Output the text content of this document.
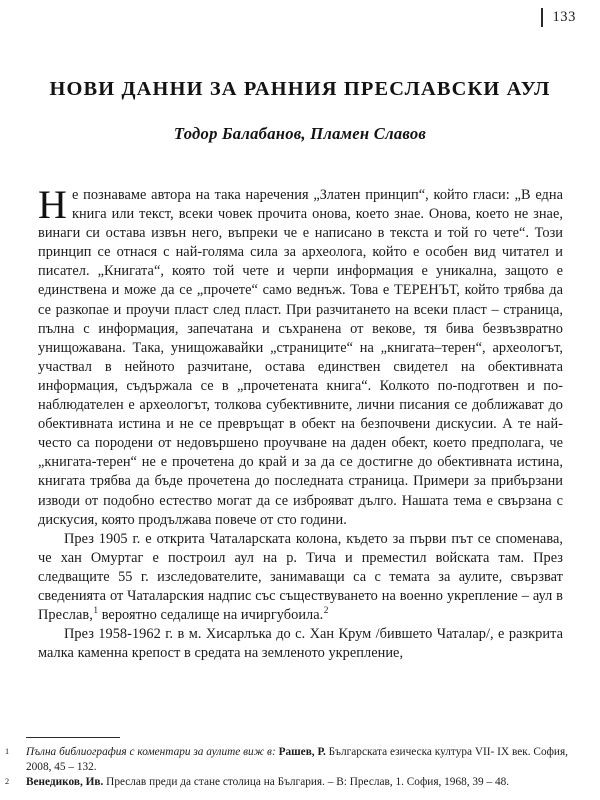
133
НОВИ ДАННИ ЗА РАННИЯ ПРЕСЛАВСКИ АУЛ

Тодор Балабанов, Пламен Славов

Не познаваме автора на така наречения „Златен принцип“, който гласи: „В една книга или текст, всеки човек прочита онова, което знае. Онова, което не знае, винаги си остава извън него, въпреки че е написано в текста и той го чете“. Този принцип се отнася с най-голяма сила за археолога, който е особен вид читател и писател. „Книгата“, която той чете и черпи информация е уникална, защото е единствена и може да се „прочете“ само веднъж. Това е ТЕРЕНЪТ, който трябва да се разкопае и проучи пласт след пласт. При разчитането на всеки пласт – страница, пълна с информация, запечатана и съхранена от векове, тя бива безвъзвратно унищожавана. Така, унищожавайки „страниците“ на „книгата–терен“, археологът, участвал в нейното разчитане, остава единствен свидетел на обективната информация, съдържала се в „прочетената книга“. Колкото по-подготвен и по-наблюдателен е археологът, толкова субективните, лични писания се доближават до обективната истина и не се превръщат в обект на безпочвени дискусии. А те най-често са породени от недовършено проучване на даден обект, което предполага, че „книгата-терен“ не е прочетена до край и за да се достигне до обективната истина, книгата трябва да бъде прочетена до последната страница. Примери за прибързани изводи от подобно естество могат да се изброяват дълго. Нашата тема е свързана с дискусия, която продължава повече от сто години.

През 1905 г. е открита Чаталарската колона, където за първи път се споменава, че хан Омуртаг е построил аул на р. Тича и преместил войската там. През следващите 55 г. изследователите, занимаващи са с темата за аулите, свързват сведенията от Чаталарския надпис със съществуването на военно укрепление – аул в Преслав,$^1$ вероятно седалище на ичиргубоила.$^2$

През 1958-1962 г. в м. Хисарлъка до с. Хан Крум /бившето Чаталар/, е разкрита малка каменна крепост в средата на земленото укрепление,

1	Пълна библиография с коментари за аулите виж в: Рашев, Р. Българската езическа култура VII- IX век. София, 2008, 45 – 132.
2	Венедиков, Ив. Преслав преди да стане столица на България. – В: Преслав, 1. София, 1968, 39 – 48.
